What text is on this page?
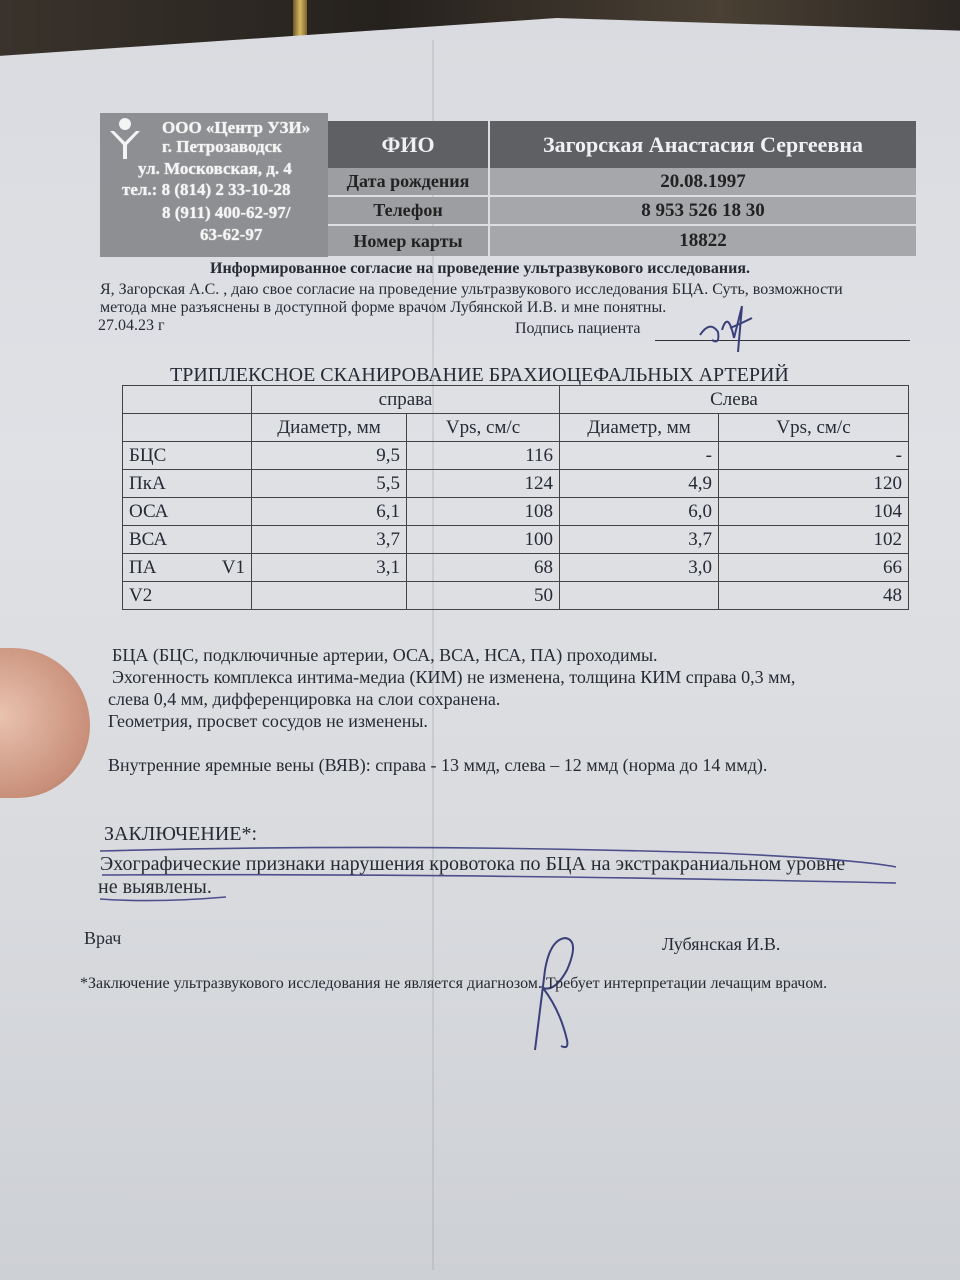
ООО «Центр УЗИ»
г. Петрозаводск
ул. Московская, д. 4
тел.: 8 (814) 2 33-10-28
8 (911) 400-62-97/
63-62-97
ФИО	Загорская Анастасия Сергеевна
Дата рождения	20.08.1997
Телефон	8 953 526 18 30
Номер карты	18822
Информированное согласие на проведение ультразвукового исследования.
Я, Загорская А.С. , даю свое согласие на проведение ультразвукового исследования БЦА. Суть, возможности
метода мне разъяснены в доступной форме врачом Лубянской И.В. и мне понятны.
27.04.23 г	Подпись пациента
ТРИПЛЕКСНОЕ СКАНИРОВАНИЕ БРАХИОЦЕФАЛЬНЫХ АРТЕРИЙ
	справа		Слева	
	Диаметр, мм	Vps, см/с	Диаметр, мм	Vps, см/с
БЦС	9,5	116	-	-
ПкА	5,5	124	4,9	120
ОСА	6,1	108	6,0	104
ВСА	3,7	100	3,7	102
ПА V1	3,1	68	3,0	66
V2		50		48
БЦА (БЦС, подключичные артерии, ОСА, ВСА, НСА, ПА) проходимы.
Эхогенность комплекса интима-медиа (КИМ) не изменена, толщина КИМ справа 0,3 мм,
слева 0,4 мм, дифференцировка на слои сохранена.
Геометрия, просвет сосудов не изменены.
Внутренние яремные вены (ВЯВ): справа - 13 ммд, слева – 12 ммд (норма до 14 ммд).
ЗАКЛЮЧЕНИЕ*:
Эхографические признаки нарушения кровотока по БЦА на экстракраниальном уровне
не выявлены.
Врач	Лубянская И.В.
*Заключение ультразвукового исследования не является диагнозом. Требует интерпретации лечащим врачом.
